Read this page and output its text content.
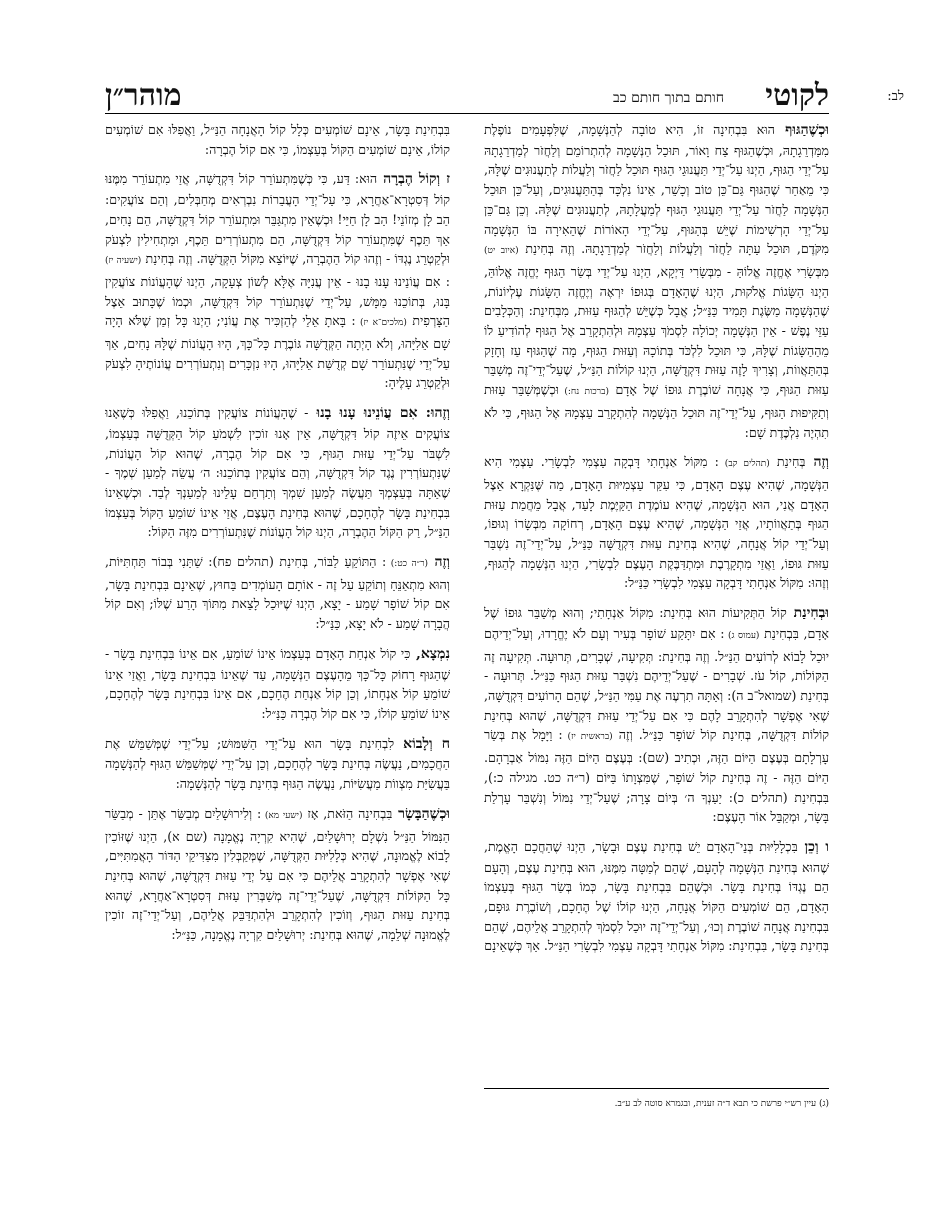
לב:
לקוטי
חותם בתוך חותם כב
מוהר״ן

וּכְשֶׁהַגּוּף הוּא בִּבְחִינָה זוֹ, הִיא טוֹבָה לְהַנְּשָׁמָה, שֶׁלִּפְעָמִים נוֹפֶלֶת מִמַּדְרֵגָתָהּ, וּכְשֶׁהַגּוּף צַח וָאוֹר, תּוּכַל הַנְּשָׁמָה לְהִתְרוֹמֵם וְלַחֲזֹר לְמַדְרֵגָתָהּ עַל־יְדֵי הַגּוּף, הַיְנוּ עַל־יְדֵי תַּעֲנוּגֵי הַגּוּף תּוּכַל לַחֲזֹר וְלַעֲלוֹת לְתַעֲנוּגִים שֶׁלָּהּ, כִּי מֵאַחַר שֶׁהַגּוּף גַּם־כֵּן טוֹב וְכָשֵׁר, אֵינוֹ נִלְכָּד בְּהַתַּעֲנוּגִים, וְעַל־כֵּן תּוּכַל הַנְּשָׁמָה לַחֲזֹר עַל־יְדֵי תַּעֲנוּגֵי הַגּוּף לְמַעֲלָתָהּ, לְתַעֲנוּגִים שֶׁלָּהּ. וְכֵן גַּם־כֵּן עַל־יְדֵי הָרְשִׁימוֹת שֶׁיֵּשׁ בְּהַגּוּף, עַל־יְדֵי הָאוֹרוֹת שֶׁהֵאִירָה בּוֹ הַנְּשָׁמָה מִקֹּדֶם, תּוּכַל עַתָּה לַחֲזֹר וְלַעֲלוֹת וְלַחֲזֹר לְמַדְרֵגָתָהּ. וְזֶה בְּחִינַת (איוב יט) מִבְּשָׂרִי אֶחֱזֶה אֱלוֹהַּ - מִבְּשָׂרִי דַּיְקָא, הַיְנוּ עַל־יְדֵי בְּשַׂר הַגּוּף יֶחֱזֶה אֱלוֹהַּ, הַיְנוּ הַשָּׂגוֹת אֱלֹקוּת, הַיְנוּ שֶׁהָאָדָם בְּגוּפוֹ יִרְאֶה וְיֶחֱזֶה הַשָּׂגוֹת עֶלְיוֹנוֹת, שֶׁהַנְּשָׁמָה מַשֶּׂגֶת תָּמִיד כַּנַּ״ל; אֲבָל כְּשֶׁיֵּשׁ לְהַגּוּף עַזּוּת, מִבְּחִינַת: וְהַכְּלָבִים עַזֵּי נֶפֶשׁ - אֵין הַנְּשָׁמָה יְכוֹלָה לִסְמֹךְ עַצְמָהּ וּלְהִתְקָרֵב אֶל הַגּוּף לְהוֹדִיעַ לוֹ מֵהַהַשָּׂגוֹת שֶׁלָּהּ, כִּי תּוּכַל לִלְכֹּד בְּתוֹכָהּ וְעַזּוּת הַגּוּף, מָה שֶׁהַגּוּף עַז וְחָזָק בְּהַתַּאֲווֹת, וְצָרִיךְ לָזֶה עַזּוּת דִּקְדֻשָּׁה, הַיְנוּ קוֹלוֹת הַנַּ״ל, שֶׁעַל־יְדֵי־זֶה מְשַׁבֵּר עַזּוּת הַגּוּף, כִּי אֲנָחָה שׁוֹבֶרֶת גּוּפוֹ שֶׁל אָדָם (ברכות נח:) וּכְשֶׁמְּשַׁבֵּר עַזּוּת וְתַקִּיפוּת הַגּוּף, עַל־יְדֵי־זֶה תּוּכַל הַנְּשָׁמָה לְהִתְקָרֵב עַצְמָהּ אֶל הַגּוּף, כִּי לֹא תִהְיֶה נִלְכֶּדֶת שָׁם:

וְזֶה בְּחִינַת (תהלים קב) : מִקּוֹל אַנְחָתִי דָּבְקָה עַצְמִי לִבְשָׂרִי. עַצְמִי הִיא הַנְּשָׁמָה, שֶׁהִיא עֶצֶם הָאָדָם, כִּי עִקַּר עַצְמִיּוּת הָאָדָם, מַה שֶּׁנִּקְרָא אֵצֶל הָאָדָם אֲנִי, הוּא הַנְּשָׁמָה, שֶׁהִיא עוֹמֶדֶת הַקַּיֶּמֶת לָעַד, אֲבָל מֵחֲמַת עַזּוּת הַגּוּף בְּתַאֲווֹתָיו, אֲזַי הַנְּשָׁמָה, שֶׁהִיא עֶצֶם הָאָדָם, רְחוֹקָה מִבְּשָׂרוֹ וְגוּפוֹ, וְעַל־יְדֵי קוֹל אֲנָחָה, שֶׁהִיא בְּחִינַת עַזּוּת דִּקְדֻשָּׁה כַּנַּ״ל, עַל־יְדֵי־זֶה נִשְׁבַּר עַזּוּת גּוּפוֹ, וַאֲזַי מִתְקָרֶבֶת וּמִתְדַּבֶּקֶת הָעֶצֶם לִבְשָׂרִי, הַיְנוּ הַנְּשָׁמָה לְהַגּוּף, וְזֶהוּ: מִקּוֹל אַנְחָתִי דָּבְקָה עַצְמִי לִבְשָׂרִי כַּנַּ״ל:

וּבְחִינַת קוֹל הַתְּקִיעוֹת הוּא בְּחִינַת: מִקּוֹל אַנְחָתִי; וְהוּא מְשַׁבֵּר גּוּפוֹ שֶׁל אָדָם, בִּבְחִינַת (עמוס ג) : אִם יִתָּקַע שׁוֹפָר בְּעִיר וְעָם לֹא יֶחֱרָדוּ, וְעַל־יְדֵיהֶם יוּכַל לָבוֹא לְרוֹעִים הַנַּ״ל. וְזֶה בְּחִינַת: תְּקִיעָה, שְׁבָרִים, תְּרוּעָה. תְּקִיעָה זֶה הַקּוֹלוֹת, קוֹל עֹז. שְׁבָרִים - שֶׁעַל־יְדֵיהֶם נִשְׁבַּר עַזּוּת הַגּוּף כַּנַּ״ל. תְּרוּעָה - בְּחִינַת (שמואל־ב ה): וְאַתָּה תִרְעֶה אֶת עַמִּי הַנַּ״ל, שֶׁהֵם הָרוֹעִים דִּקְדֻשָּׁה, שֶׁאִי אֶפְשָׁר לְהִתְקָרֵב לָהֶם כִּי אִם עַל־יְדֵי עַזּוּת דִּקְדֻשָּׁה, שֶׁהוּא בְּחִינַת קוֹלוֹת דִּקְדֻשָּׁה, בְּחִינַת קוֹל שׁוֹפָר כַּנַּ״ל. וְזֶה (בראשית יז) : וַיָּמָל אֶת בְּשַׂר עָרְלָתָם בְּעֶצֶם הַיּוֹם הַזֶּה, וּכְתִיב (שם): בְּעֶצֶם הַיּוֹם הַזֶּה נִמּוֹל אַבְרָהָם. הַיּוֹם הַזֶּה - זֶה בְּחִינַת קוֹל שׁוֹפָר, שֶׁמִּצְוָתוֹ בַּיּוֹם (ר״ה כט. מגילה כ:), בִּבְחִינַת (תהלים כ): יַעַנְךָ ה׳ בְּיוֹם צָרָה; שֶׁעַל־יְדֵי נִמּוֹל וְנִשְׁבַּר עָרְלַת בָּשָׂר, וּמְקַבֵּל אוֹר הָעֶצֶם:

ו וְכֵן בִּכְלָלִיּוּת בְּנֵי־הָאָדָם יֵשׁ בְּחִינַת עֶצֶם וּבָשָׂר, הַיְנוּ שֶׁהַחֲכָם הָאֱמֶת, שֶׁהוּא בְּחִינַת הַנְּשָׁמָה לְהָעָם, שֶׁהֵם לְמַטָּה מִמֶּנּוּ, הוּא בְּחִינַת עֶצֶם, וְהָעָם הֵם נֶגְדּוֹ בְּחִינַת בָּשָׂר. וּכְשֶׁהֵם בִּבְחִינַת בָּשָׂר, כְּמוֹ בְּשַׂר הַגּוּף בְּעַצְמוֹ הָאָדָם, הֵם שׁוֹמְעִים הַקּוֹל אֲנָחָה, הַיְנוּ קוֹלוֹ שֶׁל הֶחָכָם, וְשׁוֹבֶרֶת גּוּפָם, בִּבְחִינַת אֲנָחָה שׁוֹבֶרֶת וְכוּ׳, וְעַל־יְדֵי־זֶה יוּכַל לִסְמֹךְ לְהִתְקָרֵב אֲלֵיהֶם, שֶׁהֵם בְּחִינַת בָּשָׂר, בִּבְחִינַת: מִקּוֹל אַנְחָתִי דָּבְקָה עַצְמִי לִבְשָׂרִי הַנַּ״ל. אַךְ כְּשֶׁאֵינָם

בִּבְחִינַת בָּשָׂר, אֵינָם שׁוֹמְעִים כְּלָל קוֹל הָאֲנָחָה הַנַּ״ל, וַאֲפִלּוּ אִם שׁוֹמְעִים קוֹלוֹ, אֵינָם שׁוֹמְעִים הַקּוֹל בְּעַצְמוֹ, כִּי אִם קוֹל הֶבְרָה:

ז וְקוֹל הֶבְרָה הוּא: דַּע, כִּי כְּשֶׁמִּתְעוֹרֵר קוֹל דִּקְדֻשָּׁה, אֲזַי מִתְעוֹרֵר מִמֶּנּוּ קוֹל דְּסִטְרָא־אַחֲרָא, כִּי עַל־יְדֵי הָעֲבֵרוֹת נִבְרְאִים מְחַבְּלִים, וְהֵם צוֹעֲקִים: הַב לָן מְזוֹנֵי! הַב לָן חַיֵּי! וּכְשֶׁאֵין מִתְגַּבֵּר וּמִתְעוֹרֵר קוֹל דִּקְדֻשָּׁה, הֵם נָחִים, אַךְ תֵּכֶף שֶׁמִּתְעוֹרֵר קוֹל דִּקְדֻשָּׁה, הֵם מִתְעוֹרְרִים תֵּכֶף, וּמַתְחִילִין לִצְעֹק וּלְקַטְרֵג נֶגְדּוֹ - וְזֶהוּ קוֹל הַהֶבְרָה, שֶׁיּוֹצֵא מִקּוֹל הַקְּדֻשָּׁה. וְזֶה בְּחִינַת (ישעיה יז) : אִם עֲוֹנֵינוּ עָנוּ בָנוּ - אֵין עֲנִיָּה אֶלָּא לְשׁוֹן צְעָקָה, הַיְנוּ שֶׁהָעֲוֹנוֹת צוֹעֲקִין בָּנוּ, בְּתוֹכֵנוּ מַמָּשׁ, עַל־יְדֵי שֶׁנִּתְעוֹרֵר קוֹל דִּקְדֻשָּׁה, וּכְמוֹ שֶׁכָּתוּב אֵצֶל הַצָּרְפִית (מלכים־א יז) : בָּאתָ אֵלַי לְהַזְכִּיר אֶת עֲוֹנִי; הַיְנוּ כָּל זְמַן שֶׁלֹּא הָיָה שָׁם אֵלִיָּהוּ, וְלֹא הָיְתָה הַקְּדֻשָּׁה גּוֹבֶרֶת כָּל־כָּךְ, הָיוּ הָעֲוֹנוֹת שֶׁלָּהּ נָחִים, אַךְ עַל־יְדֵי שֶׁנִּתְעוֹרֵר שָׁם קְדֻשַּׁת אֵלִיָּהוּ, הָיוּ נִזְכָּרִים וְנִתְעוֹרְרִים עֲוֹנוֹתֶיהָ לִצְעֹק וּלְקַטְרֵג עָלֶיהָ:

וְזֶהוּ: אִם עֲוֹנֵינוּ עָנוּ בָנוּ - שֶׁהָעֲוֹנוֹת צוֹעֲקִין בְּתוֹכֵנוּ, וַאֲפִלּוּ כְּשֶׁאָנוּ צוֹעֲקִים אֵיזֶה קוֹל דִּקְדֻשָּׁה, אֵין אָנוּ זוֹכִין לִשְׁמֹעַ קוֹל הַקְּדֻשָּׁה בְּעַצְמוֹ, לִשְׁבֹּר עַל־יְדֵי עַזּוּת הַגּוּף, כִּי אִם קוֹל הֶבְרָה, שֶׁהוּא קוֹל הָעֲוֹנוֹת, שֶׁנִּתְעוֹרְרִין נֶגֶד קוֹל דִּקְדֻשָּׁה, וְהֵם צוֹעֲקִין בְּתוֹכֵנוּ: ה׳ עֲשֵׂה לְמַעַן שְׁמֶךָ - שֶׁאַתָּה בְּעַצְמְךָ תַּעֲשֶׂה לְמַעַן שִׁמְךָ וְתַרְחֵם עָלֵינוּ לְמַעַנְךָ לְבַד. וּכְשֶׁאֵינוֹ בִּבְחִינַת בָּשָׂר לְהֶחָכָם, שֶׁהוּא בְּחִינַת הָעֶצֶם, אֲזַי אֵינוֹ שׁוֹמֵעַ הַקּוֹל בְּעַצְמוֹ הַנַּ״ל, רַק הַקּוֹל הַהֶבְרָה, הַיְנוּ קוֹל הָעֲוֹנוֹת שֶׁנִּתְעוֹרְרִים מִזֶּה הַקּוֹל:

וְזֶה (ר״ה כט:) : הַתּוֹקֵעַ לַבּוֹר, בְּחִינַת (תהלים פח): שַׁתַּנִי בְּבוֹר תַּחְתִּיּוֹת, וְהוּא מִתְאַנֵּחַ וְתוֹקֵעַ עַל זֶה - אוֹתָם הָעוֹמְדִים בַּחוּץ, שֶׁאֵינָם בִּבְחִינַת בָּשָׂר, אִם קוֹל שׁוֹפָר שָׁמַע - יָצָא, הַיְנוּ שֶׁיּוּכַל לָצֵאת מִתּוֹךְ הָרַע שֶׁלּוֹ; וְאִם קוֹל הֲבָרָה שָׁמַע - לֹא יָצָא, כַּנַּ״ל:

נִמְצָא, כִּי קוֹל אַנְחַת הָאָדָם בְּעַצְמוֹ אֵינוֹ שׁוֹמֵעַ, אִם אֵינוֹ בִּבְחִינַת בָּשָׂר - שֶׁהַגּוּף רָחוֹק כָּל־כָּךְ מֵהָעֶצֶם הַנְּשָׁמָה, עַד שֶׁאֵינוֹ בִּבְחִינַת בָּשָׂר, וַאֲזַי אֵינוֹ שׁוֹמֵעַ קוֹל אַנְחָתוֹ, וְכֵן קוֹל אַנְחַת הֶחָכָם, אִם אֵינוֹ בִּבְחִינַת בָּשָׂר לְהֶחָכָם, אֵינוֹ שׁוֹמֵעַ קוֹלוֹ, כִּי אִם קוֹל הֶבְרָה כַּנַּ״ל:

ח וְלָבוֹא לִבְחִינַת בָּשָׂר הוּא עַל־יְדֵי הַשִּׁמּוּשׁ; עַל־יְדֵי שֶׁמְּשַׁמֵּשׁ אֶת הַחֲכָמִים, נַעֲשֶׂה בְּחִינַת בָּשָׂר לְהֶחָכָם, וְכֵן עַל־יְדֵי שֶׁמְּשַׁמֵּשׁ הַגּוּף לְהַנְּשָׁמָה בַּעֲשִׂיַּת מִצְווֹת מַעֲשִׂיּוֹת, נַעֲשֶׂה הַגּוּף בְּחִינַת בָּשָׂר לְהַנְּשָׁמָה:

וּכְשֶׁהַבָּשָׂר בִּבְחִינָה הַזֹּאת, אָז (ישעי מא) : וְלִירוּשָׁלַיִם מְבַשֵּׂר אֶתֵּן - מְבַשֵּׂר הַנִּמּוֹל הַנַּ״ל נִשְׁלָם יְרוּשָׁלַיִם, שֶׁהִיא קִרְיָה נֶאֱמָנָה (שם א), הַיְנוּ שֶׁזּוֹכִין לָבוֹא לֶאֱמוּנָה, שֶׁהִיא כְּלָלִיּוּת הַקְּדֻשָּׁה, שֶׁמְּקַבְּלִין מִצַּדִּיקֵי הַדּוֹר הָאֲמִתִּיִּים, שֶׁאִי אֶפְשָׁר לְהִתְקָרֵב אֲלֵיהֶם כִּי אִם עַל יְדֵי עַזּוּת דִּקְדֻשָּׁה, שֶׁהוּא בְּחִינַת כָּל הַקּוֹלוֹת דִּקְדֻשָּׁה, שֶׁעַל־יְדֵי־זֶה מְשַׁבְּרִין עַזּוּת דְּסִטְרָא־אַחֲרָא, שֶׁהוּא בְּחִינַת עַזּוּת הַגּוּף, וְזוֹכִין לְהִתְקָרֵב וּלְהִתְדַּבֵּק אֲלֵיהֶם, וְעַל־יְדֵי־זֶה זוֹכִין לֶאֱמוּנָה שְׁלֵמָה, שֶׁהוּא בְּחִינַת: יְרוּשָׁלַיִם קִרְיָה נֶאֱמָנָה, כַּנַּ״ל:

(ג) עיין רש״י פרשת כי תבא ד״ה זענית, ובגמרא סוטה לב ע״ב.
